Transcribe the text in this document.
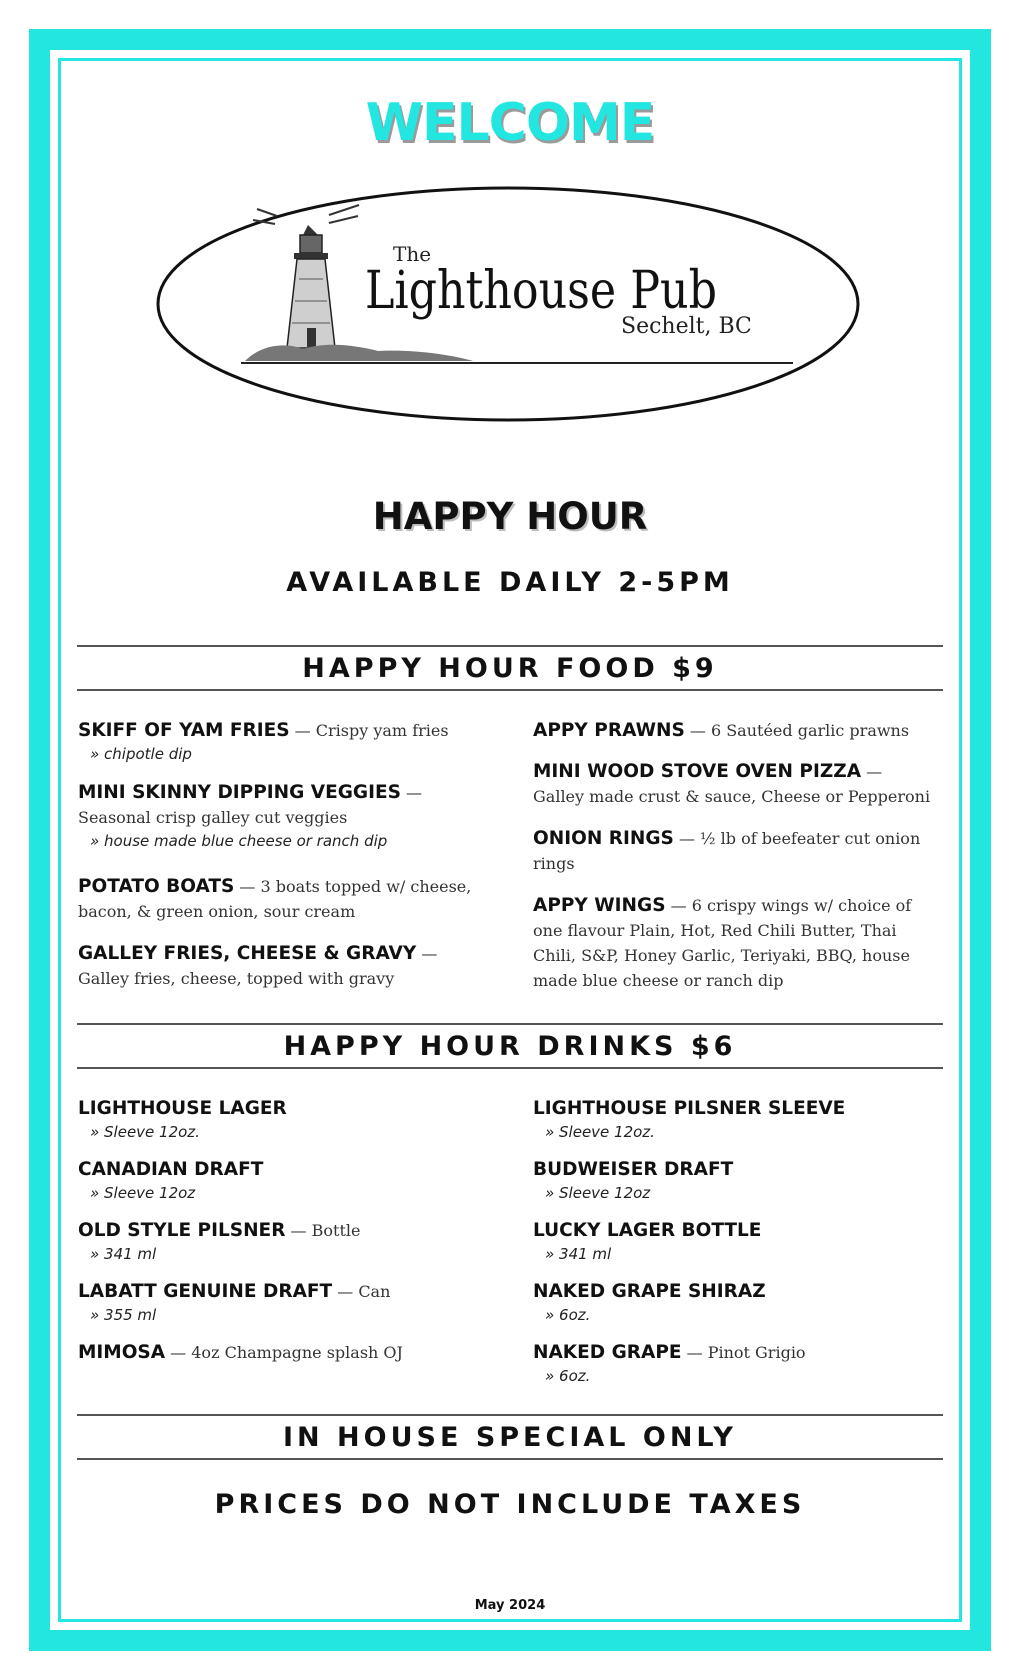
WELCOME
The
Lighthouse Pub
Sechelt, BC
HAPPY HOUR
AVAILABLE DAILY 2-5PM
HAPPY HOUR FOOD $9
SKIFF OF YAM FRIES — Crispy yam fries
» chipotle dip
MINI SKINNY DIPPING VEGGIES — Seasonal crisp galley cut veggies
» house made blue cheese or ranch dip
POTATO BOATS — 3 boats topped w/ cheese, bacon, & green onion, sour cream
GALLEY FRIES, CHEESE & GRAVY — Galley fries, cheese, topped with gravy
APPY PRAWNS — 6 Sautéed garlic prawns
MINI WOOD STOVE OVEN PIZZA — Galley made crust & sauce, Cheese or Pepperoni
ONION RINGS — ½ lb of beefeater cut onion rings
APPY WINGS — 6 crispy wings w/ choice of one flavour Plain, Hot, Red Chili Butter, Thai Chili, S&P, Honey Garlic, Teriyaki, BBQ, house made blue cheese or ranch dip
HAPPY HOUR DRINKS $6
LIGHTHOUSE LAGER
» Sleeve 12oz.
CANADIAN DRAFT
» Sleeve 12oz
OLD STYLE PILSNER — Bottle
» 341 ml
LABATT GENUINE DRAFT — Can
» 355 ml
MIMOSA — 4oz Champagne splash OJ
LIGHTHOUSE PILSNER SLEEVE
» Sleeve 12oz.
BUDWEISER DRAFT
» Sleeve 12oz
LUCKY LAGER BOTTLE
» 341 ml
NAKED GRAPE SHIRAZ
» 6oz.
NAKED GRAPE — Pinot Grigio
» 6oz.
IN HOUSE SPECIAL ONLY
PRICES DO NOT INCLUDE TAXES
May 2024
